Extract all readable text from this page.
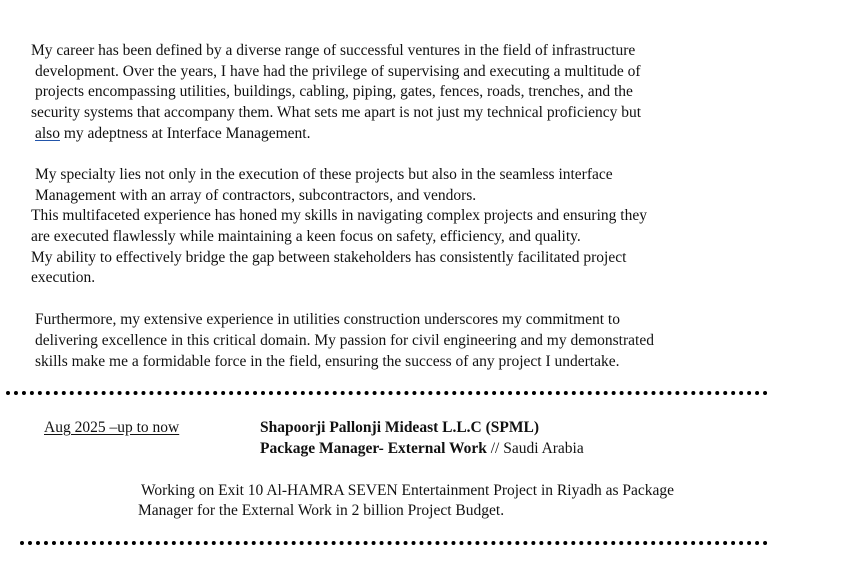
My career has been defined by a diverse range of successful ventures in the field of infrastructure
development. Over the years, I have had the privilege of supervising and executing a multitude of
projects encompassing utilities, buildings, cabling, piping, gates, fences, roads, trenches, and the
security systems that accompany them. What sets me apart is not just my technical proficiency but
also my adeptness at Interface Management.
My specialty lies not only in the execution of these projects but also in the seamless interface
Management with an array of contractors, subcontractors, and vendors.
This multifaceted experience has honed my skills in navigating complex projects and ensuring they
are executed flawlessly while maintaining a keen focus on safety, efficiency, and quality.
My ability to effectively bridge the gap between stakeholders has consistently facilitated project
execution.
Furthermore, my extensive experience in utilities construction underscores my commitment to
delivering excellence in this critical domain. My passion for civil engineering and my demonstrated
skills make me a formidable force in the field, ensuring the success of any project I undertake.
Aug 2025 –up to now	Shapoorji Pallonji Mideast L.L.C (SPML)
Package Manager- External Work // Saudi Arabia
Working on Exit 10 Al-HAMRA SEVEN Entertainment Project in Riyadh as Package
Manager for the External Work in 2 billion Project Budget.
